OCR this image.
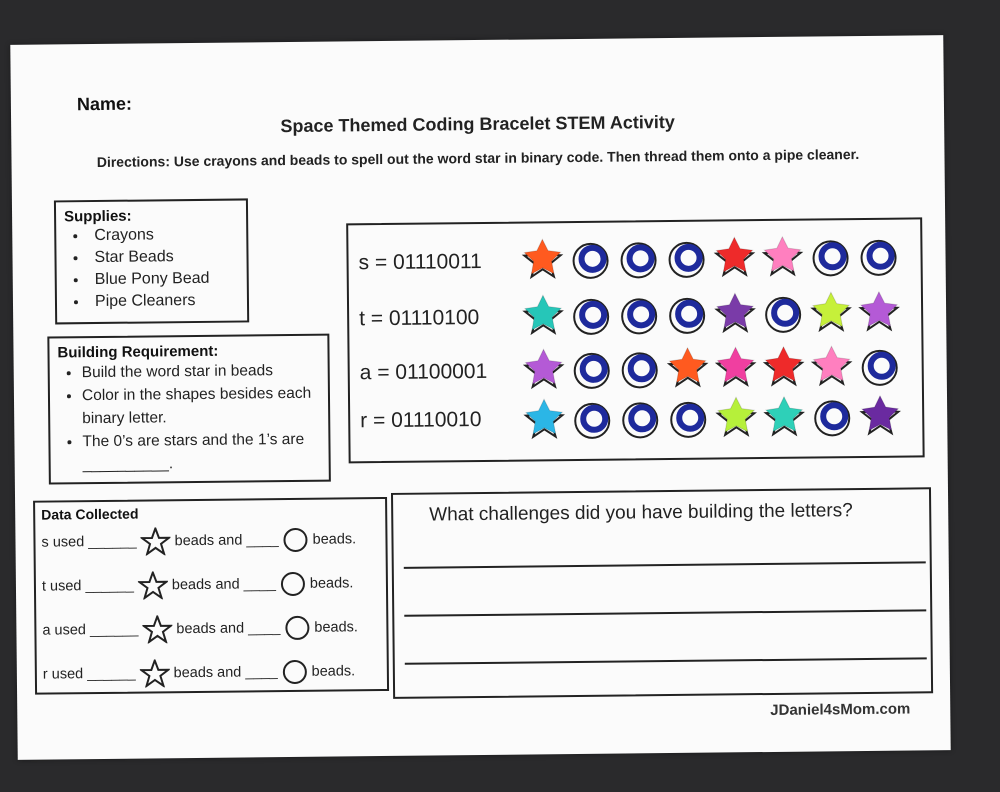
Name:
Space Themed Coding Bracelet STEM Activity
Directions: Use crayons and beads to spell out the word star in binary code. Then thread them onto a pipe cleaner.
Supplies:
• Crayons
• Star Beads
• Blue Pony Bead
• Pipe Cleaners
Building Requirement:
• Build the word star in beads
• Color in the shapes besides each binary letter.
• The 0’s are stars and the 1’s are __________.
s = 01110011
t = 01110100
a = 01100001
r = 01110010
Data Collected
s used ______	beads and ____ beads.
t used ______	beads and ____ beads.
a used ______	beads and ____ beads.
r used ______	beads and ____ beads.
What challenges did you have building the letters?
JDaniel4sMom.com
